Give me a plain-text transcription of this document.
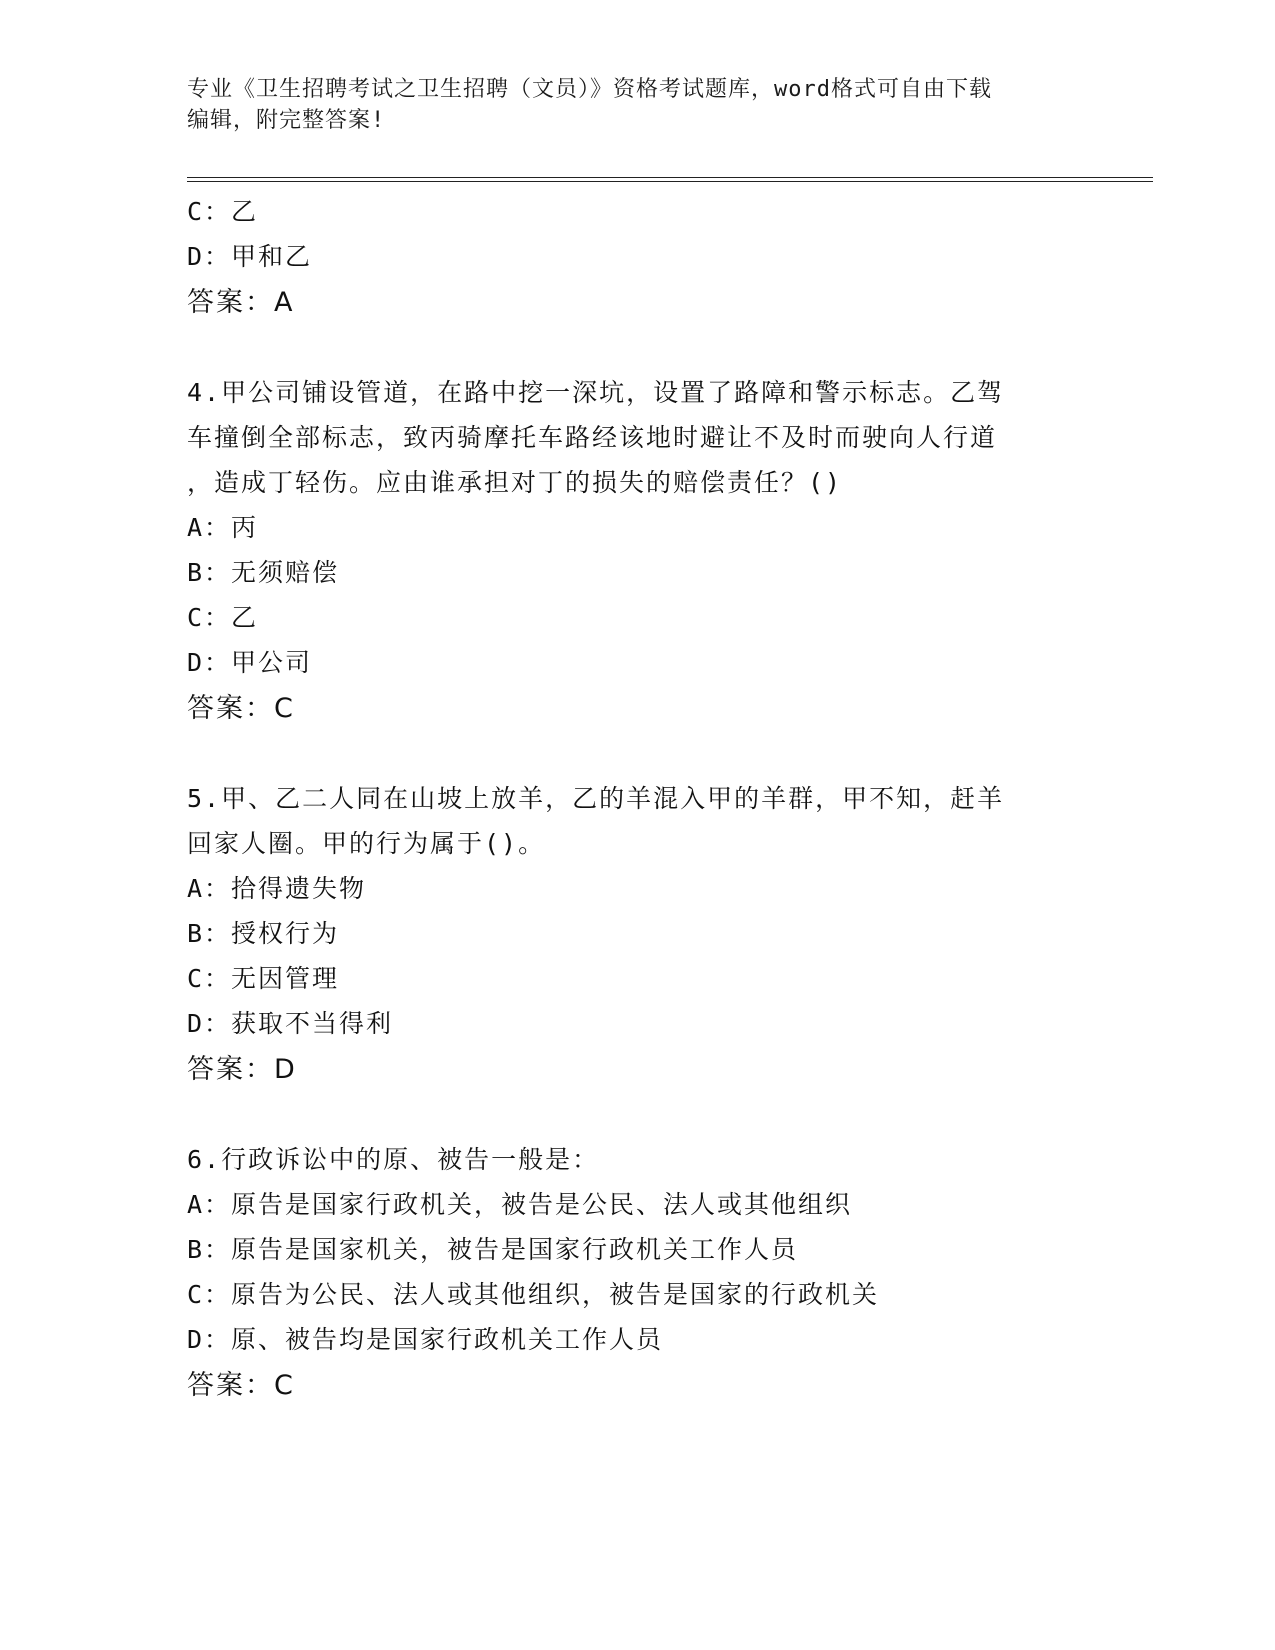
专业《卫生招聘考试之卫生招聘（文员）》资格考试题库，word格式可自由下载
编辑，附完整答案!
C：乙
D：甲和乙
答案：A
4.甲公司铺设管道，在路中挖一深坑，设置了路障和警示标志。乙驾
车撞倒全部标志，致丙骑摩托车路经该地时避让不及时而驶向人行道
，造成丁轻伤。应由谁承担对丁的损失的赔偿责任？()
A：丙
B：无须赔偿
C：乙
D：甲公司
答案：C
5.甲、乙二人同在山坡上放羊，乙的羊混入甲的羊群，甲不知，赶羊
回家人圈。甲的行为属于()。
A：拾得遗失物
B：授权行为
C：无因管理
D：获取不当得利
答案：D
6.行政诉讼中的原、被告一般是：
A：原告是国家行政机关，被告是公民、法人或其他组织
B：原告是国家机关，被告是国家行政机关工作人员
C：原告为公民、法人或其他组织，被告是国家的行政机关
D：原、被告均是国家行政机关工作人员
答案：C
